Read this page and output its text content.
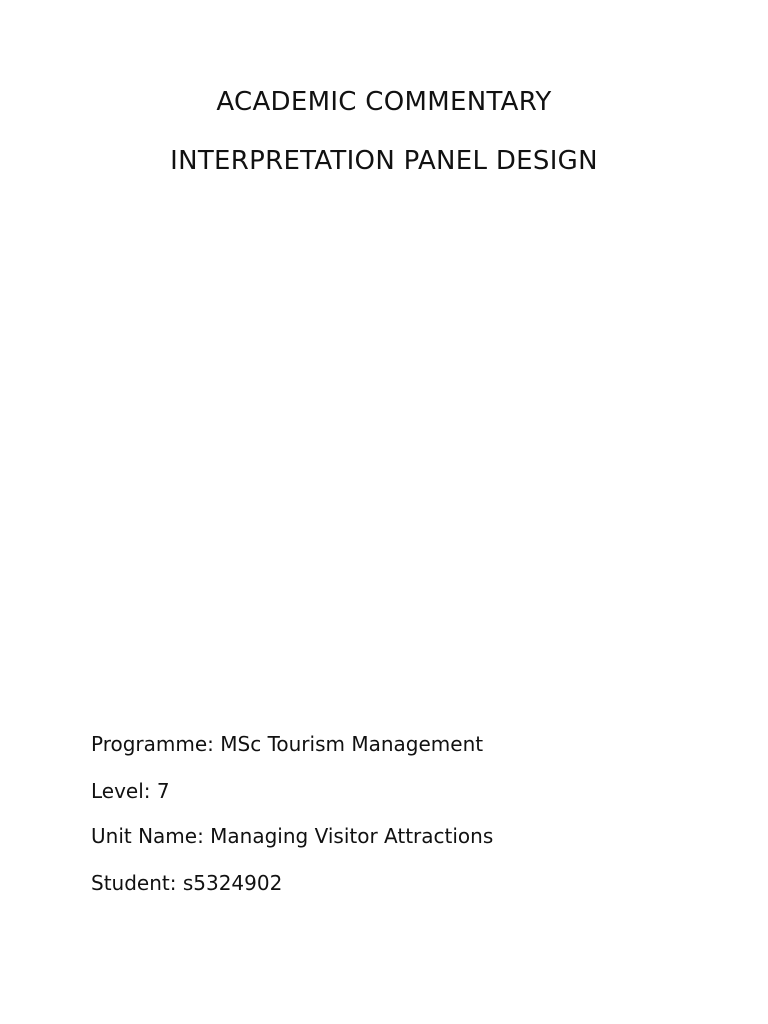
ACADEMIC COMMENTARY
INTERPRETATION PANEL DESIGN
Programme: MSc Tourism Management
Level: 7
Unit Name: Managing Visitor Attractions
Student: s5324902
